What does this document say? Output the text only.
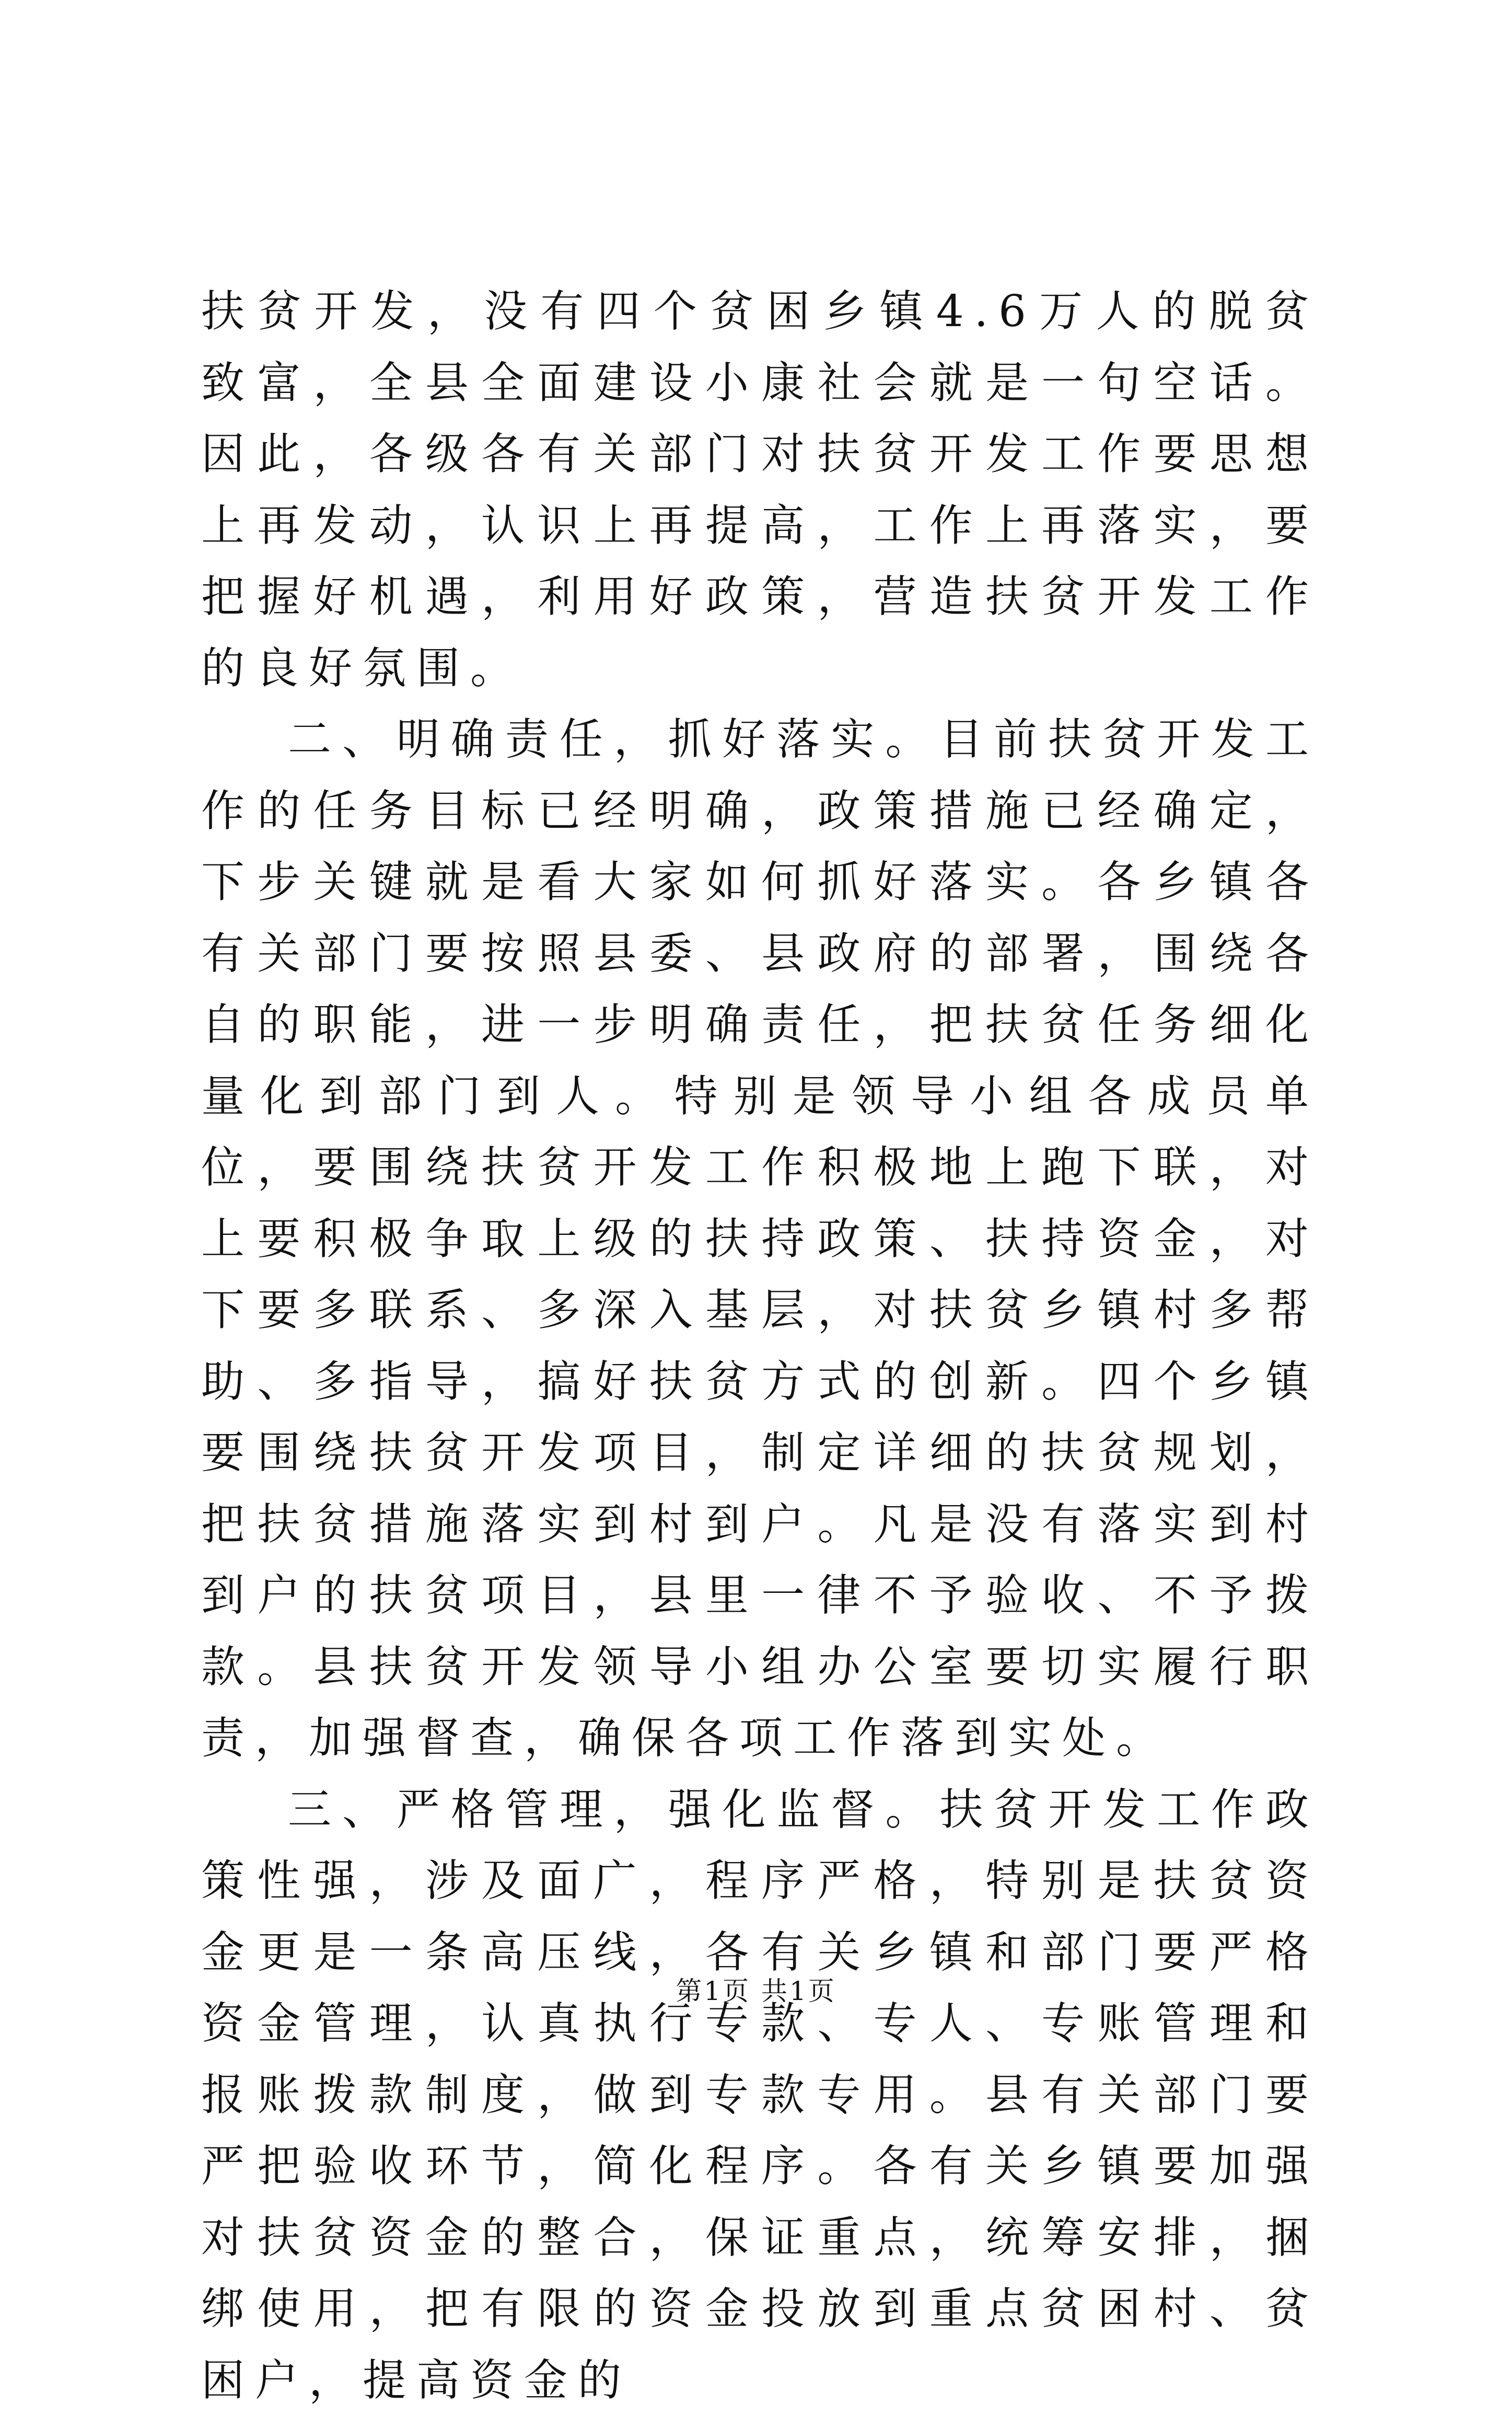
扶贫开发，没有四个贫困乡镇4.6万人的脱贫致富，全县全面建设小康社会就是一句空话。因此，各级各有关部门对扶贫开发工作要思想上再发动，认识上再提高，工作上再落实，要把握好机遇，利用好政策，营造扶贫开发工作的良好氛围。

二、明确责任，抓好落实。目前扶贫开发工作的任务目标已经明确，政策措施已经确定，下步关键就是看大家如何抓好落实。各乡镇各有关部门要按照县委、县政府的部署，围绕各自的职能，进一步明确责任，把扶贫任务细化量化到部门到人。特别是领导小组各成员单位，要围绕扶贫开发工作积极地上跑下联，对上要积极争取上级的扶持政策、扶持资金，对下要多联系、多深入基层，对扶贫乡镇村多帮助、多指导，搞好扶贫方式的创新。四个乡镇要围绕扶贫开发项目，制定详细的扶贫规划，把扶贫措施落实到村到户。凡是没有落实到村到户的扶贫项目，县里一律不予验收、不予拨款。县扶贫开发领导小组办公室要切实履行职责，加强督查，确保各项工作落到实处。

三、严格管理，强化监督。扶贫开发工作政策性强，涉及面广，程序严格，特别是扶贫资金更是一条高压线，各有关乡镇和部门要严格资金管理，认真执行专款、专人、专账管理和报账拨款制度，做到专款专用。县有关部门要严把验收环节，简化程序。各有关乡镇要加强对扶贫资金的整合，保证重点，统筹安排，捆绑使用，把有限的资金投放到重点贫困村、贫困户，提高资金的

第1页 共1页
